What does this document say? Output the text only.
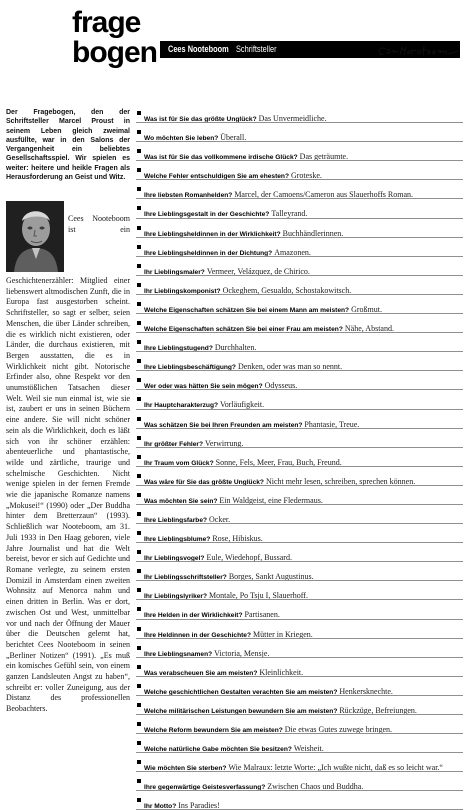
frage
bogen	Cees Nooteboom Schriftsteller

Der Fragebogen, den der Schriftsteller Marcel Proust in seinem Leben gleich zweimal ausfüllte, war in den Salons der Vergangenheit ein beliebtes Gesellschaftsspiel. Wir spielen es weiter: heitere und heikle Fragen als Herausforderung an Geist und Witz.

Cees Nooteboom ist ein Geschichtenerzähler: Mitglied einer liebenswert altmodischen Zunft, die in Europa fast ausgestorben scheint. Schriftsteller, so sagt er selber, seien Menschen, die über Länder schreiben, die es wirklich nicht existieren, oder Länder, die durchaus existieren, mit Bergen ausstatten, die es in Wirklichkeit nicht gibt. Notorische Erfinder also, ohne Respekt vor den unumstößlichen Tatsachen dieser Welt. Weil sie nun einmal ist, wie sie ist, zaubert er uns in seinen Büchern eine andere. Sie will nicht schöner sein als die Wirklichkeit, doch es läßt sich von ihr schöner erzählen: abenteuerliche und phantastische, wilde und zärtliche, traurige und schelmische Geschichten. Nicht wenige spielen in der fernen Fremde wie die japanische Romanze namens „Mokusei!“ (1990) oder „Der Buddha hinter dem Bretterzaun“ (1993). Schließlich war Nooteboom, am 31. Juli 1933 in Den Haag geboren, viele Jahre Journalist und hat die Welt bereist, bevor er sich auf Gedichte und Romane verlegte, zu seinem ersten Domizil in Amsterdam einen zweiten Wohnsitz auf Menorca nahm und einen dritten in Berlin. Was er dort, zwischen Ost und West, unmittelbar vor und nach der Öffnung der Mauer über die Deutschen gelernt hat, berichtet Cees Nooteboom in seinen „Berliner Notizen“ (1991). „Es muß ein komisches Gefühl sein, von einem ganzen Landsleuten Angst zu haben“, schreibt er: voller Zuneigung, aus der Distanz des professionellen Beobachters.

Was ist für Sie das größte Unglück? Das Unvermeidliche.
Wo möchten Sie leben? Überall.
Was ist für Sie das vollkommene irdische Glück? Das geträumte.
Welche Fehler entschuldigen Sie am ehesten? Groteske.
Ihre liebsten Romanhelden? Marcel, der Camoens/Cameron aus Slauerhoffs Roman.
Ihre Lieblingsgestalt in der Geschichte? Talleyrand.
Ihre Lieblingsheldinnen in der Wirklichkeit? Buchhändlerinnen.
Ihre Lieblingsheldinnen in der Dichtung? Amazonen.
Ihr Lieblingsmaler? Vermeer, Velázquez, de Chirico.
Ihr Lieblingskomponist? Ockeghem, Gesualdo, Schostakowitsch.
Welche Eigenschaften schätzen Sie bei einem Mann am meisten? Großmut.
Welche Eigenschaften schätzen Sie bei einer Frau am meisten? Nähe, Abstand.
Ihre Lieblingstugend? Durchhalten.
Ihre Lieblingsbeschäftigung? Denken, oder was man so nennt.
Wer oder was hätten Sie sein mögen? Odysseus.
Ihr Hauptcharakterzug? Vorläufigkeit.
Was schätzen Sie bei Ihren Freunden am meisten? Phantasie, Treue.
Ihr größter Fehler? Verwirrung.
Ihr Traum vom Glück? Sonne, Fels, Meer, Frau, Buch, Freund.
Was wäre für Sie das größte Unglück? Nicht mehr lesen, schreiben, sprechen können.
Was möchten Sie sein? Ein Waldgeist, eine Fledermaus.
Ihre Lieblingsfarbe? Ocker.
Ihre Lieblingsblume? Rose, Hibiskus.
Ihr Lieblingsvogel? Eule, Wiedehopf, Bussard.
Ihr Lieblingsschriftsteller? Borges, Sankt Augustinus.
Ihr Lieblingslyriker? Montale, Po Tsju I, Slauerhoff.
Ihre Helden in der Wirklichkeit? Partisanen.
Ihre Heldinnen in der Geschichte? Mütter in Kriegen.
Ihre Lieblingsnamen? Victoria, Mensje.
Was verabscheuen Sie am meisten? Kleinlichkeit.
Welche geschichtlichen Gestalten verachten Sie am meisten? Henkersknechte.
Welche militärischen Leistungen bewundern Sie am meisten? Rückzüge, Befreiungen.
Welche Reform bewundern Sie am meisten? Die etwas Gutes zuwege bringen.
Welche natürliche Gabe möchten Sie besitzen? Weisheit.
Wie möchten Sie sterben? Wie Malraux: letzte Worte: „Ich wußte nicht, daß es so leicht war.“
Ihre gegenwärtige Geistesverfassung? Zwischen Chaos und Buddha.
Ihr Motto? Ins Paradies!
